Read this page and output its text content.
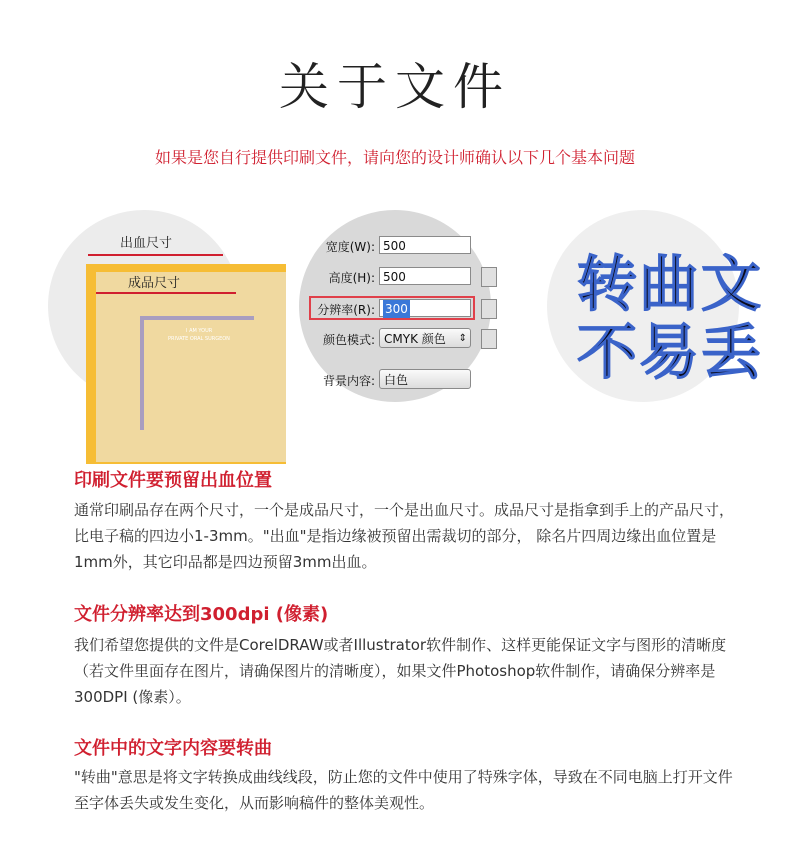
关于文件
如果是您自行提供印刷文件，请向您的设计师确认以下几个基本问题
出血尺寸
成品尺寸
I AM YOUR
PRIVATE ORAL SURGEON
宽度(W): 500
高度(H): 500
分辨率(R): 300
颜色模式: CMYK 颜色 ⇕
背景内容: 白色
转曲文
不易丢
印刷文件要预留出血位置
通常印刷品存在两个尺寸，一个是成品尺寸，一个是出血尺寸。成品尺寸是指拿到手上的产品尺寸，比电子稿的四边小1-3mm。"出血"是指边缘被预留出需裁切的部分， 除名片四周边缘出血位置是1mm外，其它印品都是四边预留3mm出血。
文件分辨率达到300dpi (像素)
我们希望您提供的文件是CorelDRAW或者Illustrator软件制作、这样更能保证文字与图形的清晰度（若文件里面存在图片，请确保图片的清晰度），如果文件Photoshop软件制作，请确保分辨率是300DPI (像素）。
文件中的文字内容要转曲
"转曲"意思是将文字转换成曲线线段，防止您的文件中使用了特殊字体，导致在不同电脑上打开文件至字体丢失或发生变化，从而影响稿件的整体美观性。
